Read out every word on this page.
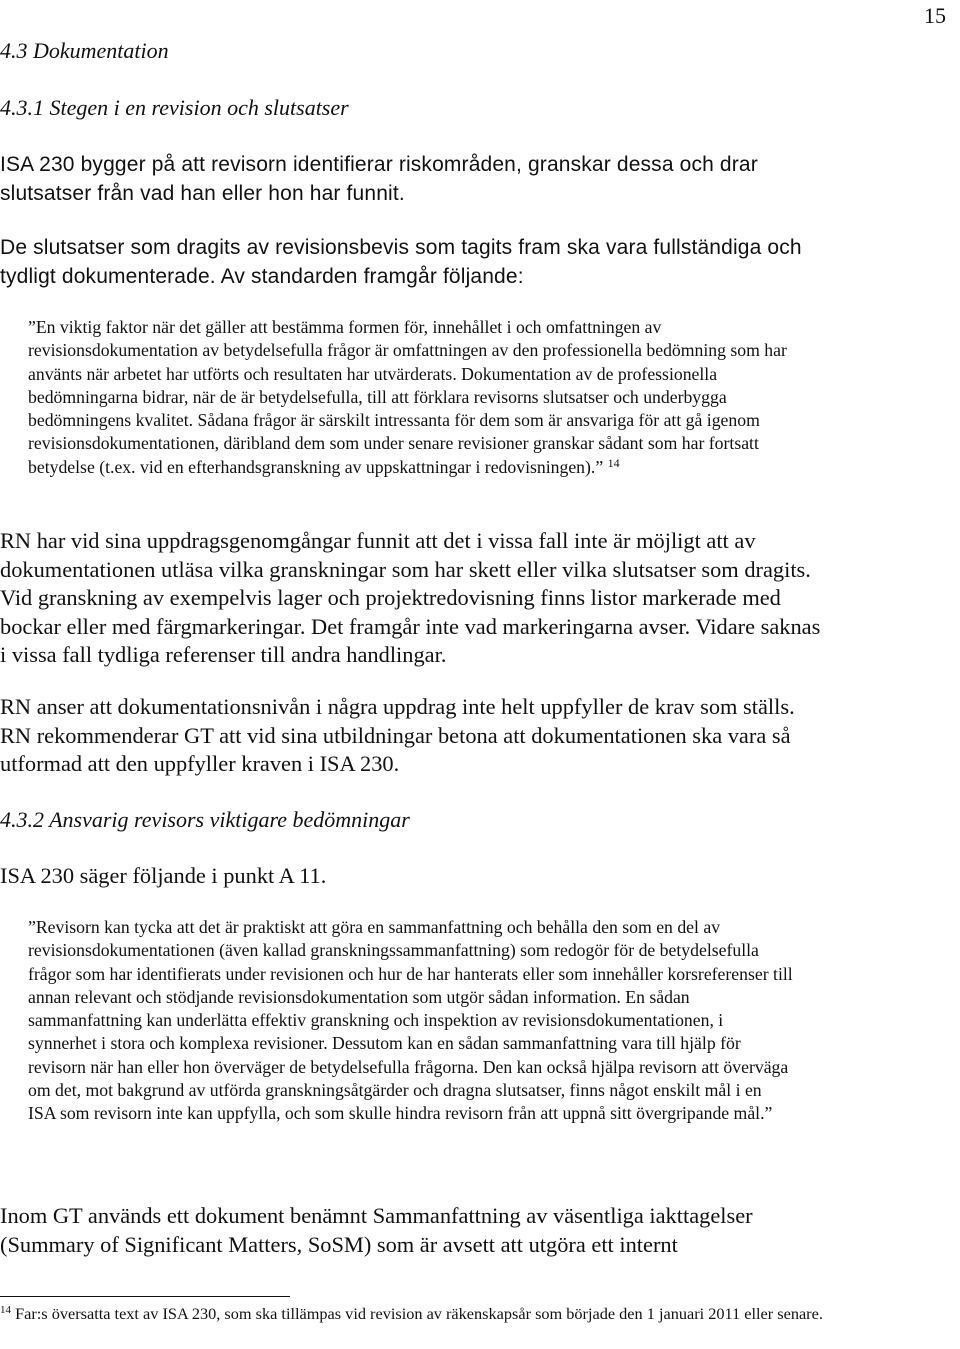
15
4.3 Dokumentation
4.3.1 Stegen i en revision och slutsatser
ISA 230 bygger på att revisorn identifierar riskområden, granskar dessa och drar slutsatser från vad han eller hon har funnit.
De slutsatser som dragits av revisionsbevis som tagits fram ska vara fullständiga och tydligt dokumenterade. Av standarden framgår följande:
”En viktig faktor när det gäller att bestämma formen för, innehållet i och omfattningen av revisionsdokumentation av betydelsefulla frågor är omfattningen av den professionella bedömning som har använts när arbetet har utförts och resultaten har utvärderats. Dokumentation av de professionella bedömningarna bidrar, när de är betydelsefulla, till att förklara revisorns slutsatser och underbygga bedömningens kvalitet. Sådana frågor är särskilt intressanta för dem som är ansvariga för att gå igenom revisionsdokumentationen, däribland dem som under senare revisioner granskar sådant som har fortsatt betydelse (t.ex. vid en efterhandsgranskning av uppskattningar i redovisningen).” $^{14}$
RN har vid sina uppdragsgenomgångar funnit att det i vissa fall inte är möjligt att av dokumentationen utläsa vilka granskningar som har skett eller vilka slutsatser som dragits. Vid granskning av exempelvis lager och projektredovisning finns listor markerade med bockar eller med färgmarkeringar. Det framgår inte vad markeringarna avser. Vidare saknas i vissa fall tydliga referenser till andra handlingar.
RN anser att dokumentationsnivån i några uppdrag inte helt uppfyller de krav som ställs. RN rekommenderar GT att vid sina utbildningar betona att dokumentationen ska vara så utformad att den uppfyller kraven i ISA 230.
4.3.2 Ansvarig revisors viktigare bedömningar
ISA 230 säger följande i punkt A 11.
”Revisorn kan tycka att det är praktiskt att göra en sammanfattning och behålla den som en del av revisionsdokumentationen (även kallad granskningssammanfattning) som redogör för de betydelsefulla frågor som har identifierats under revisionen och hur de har hanterats eller som innehåller korsreferenser till annan relevant och stödjande revisionsdokumentation som utgör sådan information. En sådan sammanfattning kan underlätta effektiv granskning och inspektion av revisionsdokumentationen, i synnerhet i stora och komplexa revisioner. Dessutom kan en sådan sammanfattning vara till hjälp för revisorn när han eller hon överväger de betydelsefulla frågorna. Den kan också hjälpa revisorn att överväga om det, mot bakgrund av utförda granskningsåtgärder och dragna slutsatser, finns något enskilt mål i en ISA som revisorn inte kan uppfylla, och som skulle hindra revisorn från att uppnå sitt övergripande mål.”
Inom GT används ett dokument benämnt Sammanfattning av väsentliga iakttagelser (Summary of Significant Matters, SoSM) som är avsett att utgöra ett internt
$^{14}$ Far:s översatta text av ISA 230, som ska tillämpas vid revision av räkenskapsår som började den 1 januari 2011 eller senare.
